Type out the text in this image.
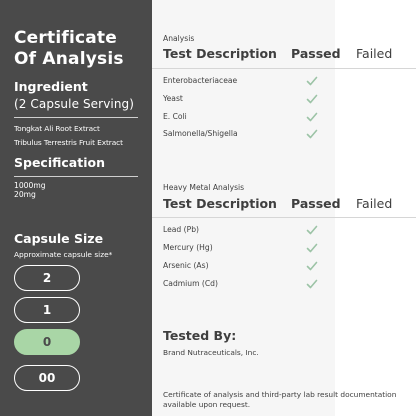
Certificate
Of Analysis
Ingredient
(2 Capsule Serving)
Tongkat Ali Root Extract
Tribulus Terrestris Fruit Extract
Specification
1000mg
20mg
Capsule Size
Approximate capsule size*
2
1
0
00
Analysis
Test Description Passed Failed
Enterobacteriaceae
Yeast
E. Coli
Salmonella/Shigella
Heavy Metal Analysis
Test Description Passed Failed
Lead (Pb)
Mercury (Hg)
Arsenic (As)
Cadmium (Cd)
Tested By:
Brand Nutraceuticals, Inc.
Certificate of analysis and third-party lab result documentation available upon request.
